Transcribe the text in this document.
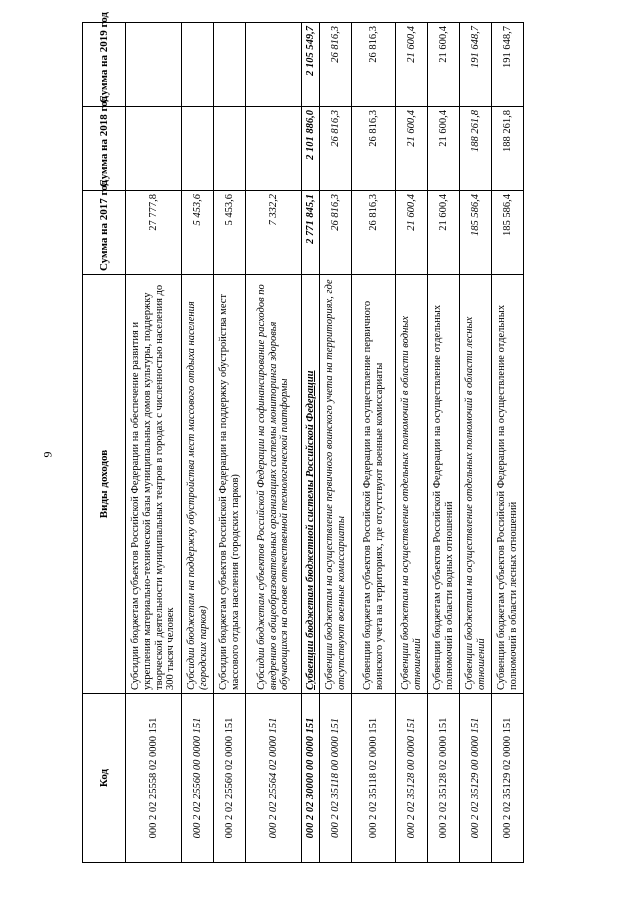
9
Код	Виды доходов	Сумма на 2017 год	Сумма на 2018 год	Сумма на 2019 год
000 2 02 25558 02 0000 151	Субсидии бюджетам субъектов Российской Федерации на обеспечение развития и укрепления материально-технической базы муниципальных домов культуры, поддержку творческой деятельности муниципальных театров в городах с численностью населения до 300 тысяч человек	27 777,8		
000 2 02 25560 00 0000 151	Субсидии бюджетам на поддержку обустройства мест массового отдыха населения (городских парков)	5 453,6		
000 2 02 25560 02 0000 151	Субсидии бюджетам субъектов Российской Федерации на поддержку обустройства мест массового отдыха населения (городских парков)	5 453,6		
000 2 02 25564 02 0000 151	Субсидии бюджетам субъектов Российской Федерации на софинансирование расходов по внедрению в общеобразовательных организациях системы мониторинга здоровья обучающихся на основе отечественной технологической платформы	7 332,2		
000 2 02 30000 00 0000 151	Субвенции бюджетам бюджетной системы Российской Федерации	2 771 845,1	2 101 886,0	2 105 549,7
000 2 02 35118 00 0000 151	Субвенции бюджетам на осуществление первичного воинского учета на территориях, где отсутствуют военные комиссариаты	26 816,3	26 816,3	26 816,3
000 2 02 35118 02 0000 151	Субвенции бюджетам субъектов Российской Федерации на осуществление первичного воинского учета на территориях, где отсутствуют военные комиссариаты	26 816,3	26 816,3	26 816,3
000 2 02 35128 00 0000 151	Субвенции бюджетам на осуществление отдельных полномочий в области водных отношений	21 600,4	21 600,4	21 600,4
000 2 02 35128 02 0000 151	Субвенции бюджетам субъектов Российской Федерации на осуществление отдельных полномочий в области водных отношений	21 600,4	21 600,4	21 600,4
000 2 02 35129 00 0000 151	Субвенции бюджетам на осуществление отдельных полномочий в области лесных отношений	185 586,4	188 261,8	191 648,7
000 2 02 35129 02 0000 151	Субвенции бюджетам субъектов Российской Федерации на осуществление отдельных полномочий в области лесных отношений	185 586,4	188 261,8	191 648,7
